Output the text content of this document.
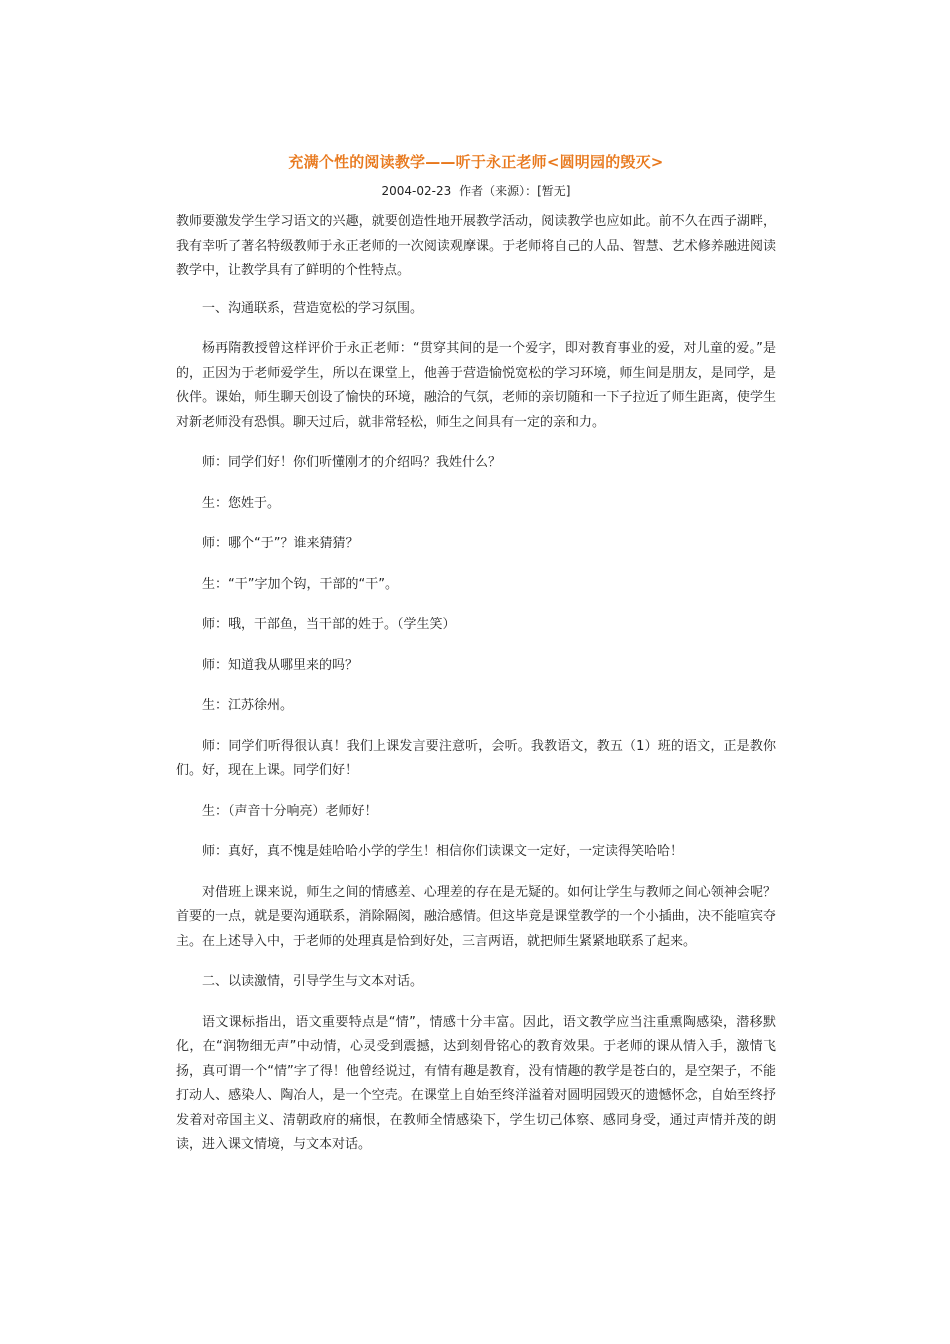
充满个性的阅读教学——听于永正老师<圆明园的毁灭>
2004-02-23 作者（来源）：[暂无]

教师要激发学生学习语文的兴趣，就要创造性地开展教学活动，阅读教学也应如此。前不久在西子湖畔，我有幸听了著名特级教师于永正老师的一次阅读观摩课。于老师将自己的人品、智慧、艺术修养融进阅读教学中，让教学具有了鲜明的个性特点。

一、沟通联系，营造宽松的学习氛围。

杨再隋教授曾这样评价于永正老师：“贯穿其间的是一个爱字，即对教育事业的爱，对儿童的爱。”是的，正因为于老师爱学生，所以在课堂上，他善于营造愉悦宽松的学习环境，师生间是朋友，是同学，是伙伴。课始，师生聊天创设了愉快的环境，融洽的气氛，老师的亲切随和一下子拉近了师生距离，使学生对新老师没有恐惧。聊天过后，就非常轻松，师生之间具有一定的亲和力。

师：同学们好！你们听懂刚才的介绍吗？我姓什么？

生：您姓于。

师：哪个“于”？谁来猜猜？

生：“干”字加个钩，干部的“干”。

师：哦，干部鱼，当干部的姓于。（学生笑）

师：知道我从哪里来的吗？

生：江苏徐州。

师：同学们听得很认真！我们上课发言要注意听，会听。我教语文，教五（1）班的语文，正是教你们。好，现在上课。同学们好！

生：（声音十分响亮）老师好！

师：真好，真不愧是娃哈哈小学的学生！相信你们读课文一定好，一定读得笑哈哈！

对借班上课来说，师生之间的情感差、心理差的存在是无疑的。如何让学生与教师之间心领神会呢？首要的一点，就是要沟通联系，消除隔阂，融洽感情。但这毕竟是课堂教学的一个小插曲，决不能喧宾夺主。在上述导入中，于老师的处理真是恰到好处，三言两语，就把师生紧紧地联系了起来。

二、以读激情，引导学生与文本对话。

语文课标指出，语文重要特点是“情”，情感十分丰富。因此，语文教学应当注重熏陶感染，潜移默化，在“润物细无声”中动情，心灵受到震撼，达到刻骨铭心的教育效果。于老师的课从情入手，激情飞扬，真可谓一个“情”字了得！他曾经说过，有情有趣是教育，没有情趣的教学是苍白的，是空架子，不能打动人、感染人、陶冶人，是一个空壳。在课堂上自始至终洋溢着对圆明园毁灭的遗憾怀念，自始至终抒发着对帝国主义、清朝政府的痛恨，在教师全情感染下，学生切己体察、感同身受，通过声情并茂的朗读，进入课文情境，与文本对话。
